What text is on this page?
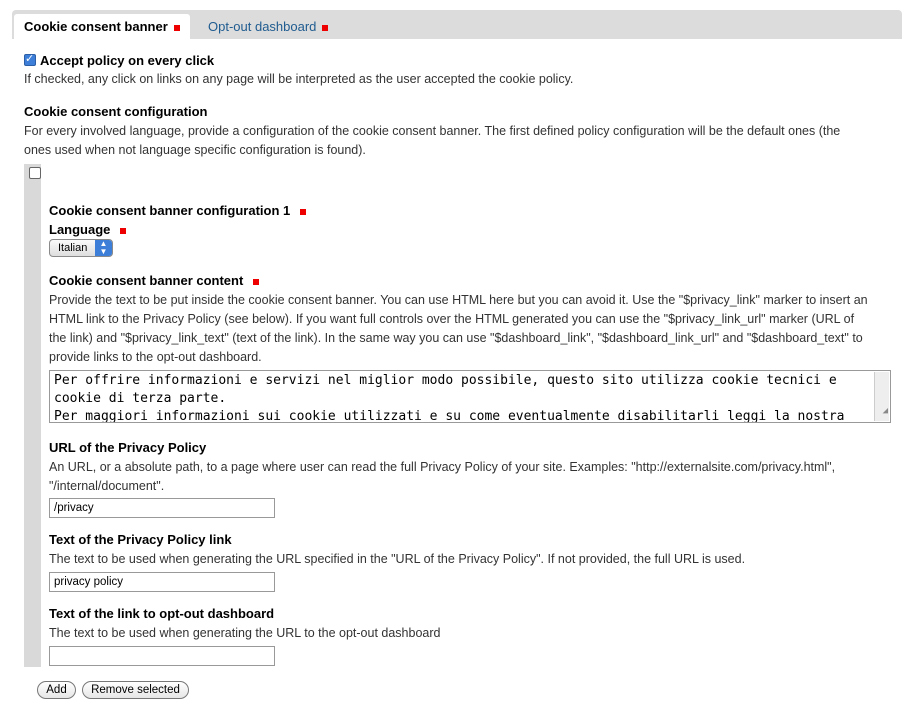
Cookie consent banner	Opt-out dashboard
✓
Accept policy on every click
If checked, any click on links on any page will be interpreted as the user accepted the cookie policy.
Cookie consent configuration
For every involved language, provide a configuration of the cookie consent banner. The first defined policy configuration will be the default ones (the
ones used when not language specific configuration is found).
Cookie consent banner configuration 1
Language
Italian	▲
▼
Cookie consent banner content
Provide the text to be put inside the cookie consent banner. You can use HTML here but you can avoid it. Use the "$privacy_link" marker to insert an
HTML link to the Privacy Policy (see below). If you want full controls over the HTML generated you can use the "$privacy_link_url" marker (URL of
the link) and "$privacy_link_text" (text of the link). In the same way you can use "$dashboard_link", "$dashboard_link_url" and "$dashboard_text" to
provide links to the opt-out dashboard.
Per offrire informazioni e servizi nel miglior modo possibile, questo sito utilizza cookie tecnici e
cookie di terza parte.
Per maggiori informazioni sui cookie utilizzati e su come eventualmente disabilitarli leggi la nostra	◢
URL of the Privacy Policy
An URL, or a absolute path, to a page where user can read the full Privacy Policy of your site. Examples: "http://externalsite.com/privacy.html",
"/internal/document".
/privacy
Text of the Privacy Policy link
The text to be used when generating the URL specified in the "URL of the Privacy Policy". If not provided, the full URL is used.
privacy policy
Text of the link to opt-out dashboard
The text to be used when generating the URL to the opt-out dashboard
Add	Remove selected
